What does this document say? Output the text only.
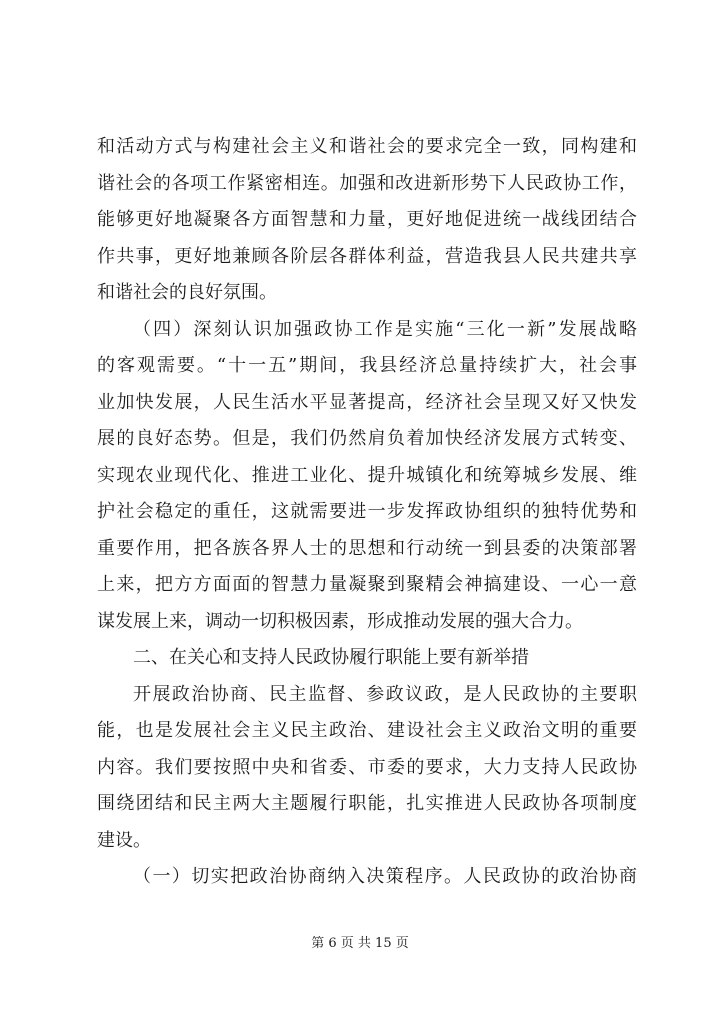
和活动方式与构建社会主义和谐社会的要求完全一致，同构建和
谐社会的各项工作紧密相连。加强和改进新形势下人民政协工作，
能够更好地凝聚各方面智慧和力量，更好地促进统一战线团结合
作共事，更好地兼顾各阶层各群体利益，营造我县人民共建共享
和谐社会的良好氛围。
（四）深刻认识加强政协工作是实施“三化一新”发展战略
的客观需要。“十一五”期间，我县经济总量持续扩大，社会事
业加快发展，人民生活水平显著提高，经济社会呈现又好又快发
展的良好态势。但是，我们仍然肩负着加快经济发展方式转变、
实现农业现代化、推进工业化、提升城镇化和统筹城乡发展、维
护社会稳定的重任，这就需要进一步发挥政协组织的独特优势和
重要作用，把各族各界人士的思想和行动统一到县委的决策部署
上来，把方方面面的智慧力量凝聚到聚精会神搞建设、一心一意
谋发展上来，调动一切积极因素，形成推动发展的强大合力。
二、在关心和支持人民政协履行职能上要有新举措
开展政治协商、民主监督、参政议政，是人民政协的主要职
能，也是发展社会主义民主政治、建设社会主义政治文明的重要
内容。我们要按照中央和省委、市委的要求，大力支持人民政协
围绕团结和民主两大主题履行职能，扎实推进人民政协各项制度
建设。
（一）切实把政治协商纳入决策程序。人民政协的政治协商
第 6 页 共 15 页
